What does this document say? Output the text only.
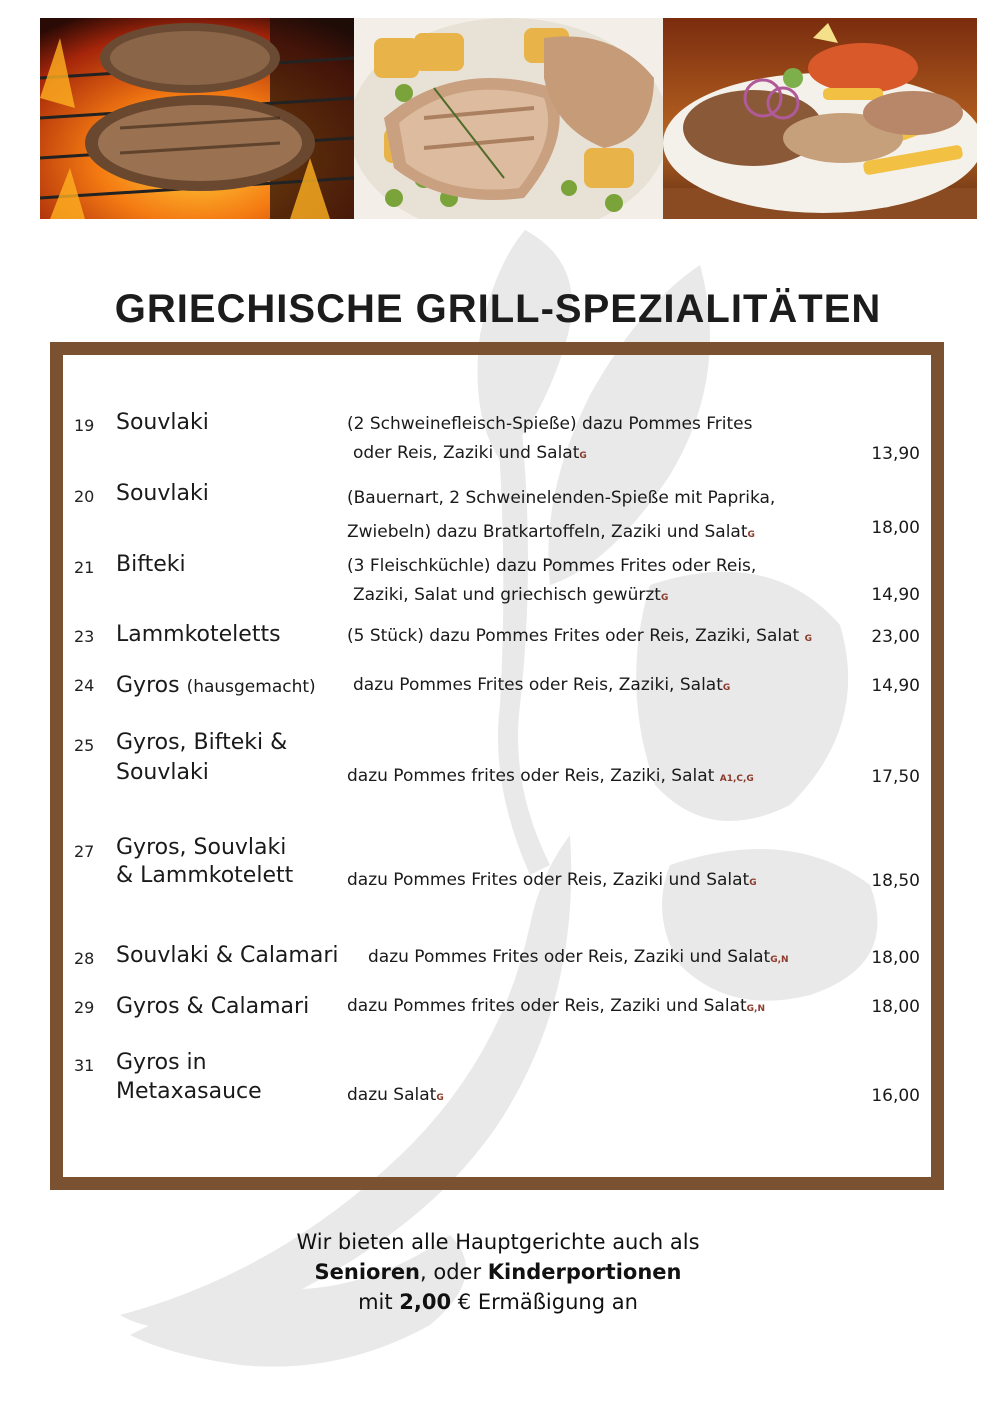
GRIECHISCHE GRILL-SPEZIALITÄTEN
19 Souvlaki	(2 Schweinefleisch-Spieße) dazu Pommes Frites
oder Reis, Zaziki und SalatG	13,90
20 Souvlaki	(Bauernart, 2 Schweinelenden-Spieße mit Paprika,
Zwiebeln) dazu Bratkartoffeln, Zaziki und SalatG	18,00
21 Bifteki	(3 Fleischküchle) dazu Pommes Frites oder Reis,
Zaziki, Salat und griechisch gewürztG	14,90
23 Lammkoteletts	(5 Stück) dazu Pommes Frites oder Reis, Zaziki, Salat G	23,00
24 Gyros (hausgemacht) dazu Pommes Frites oder Reis, Zaziki, SalatG	14,90
25 Gyros, Bifteki &
Souvlaki	dazu Pommes frites oder Reis, Zaziki, Salat A1,C,G	17,50
27 Gyros, Souvlaki
& Lammkotelett	dazu Pommes Frites oder Reis, Zaziki und SalatG	18,50
28 Souvlaki & Calamari dazu Pommes Frites oder Reis, Zaziki und SalatG,N	18,00
29 Gyros & Calamari dazu Pommes frites oder Reis, Zaziki und SalatG,N	18,00
31 Gyros in
Metaxasauce	dazu SalatG	16,00
Wir bieten alle Hauptgerichte auch als
Senioren, oder Kinderportionen
mit 2,00 € Ermäßigung an
